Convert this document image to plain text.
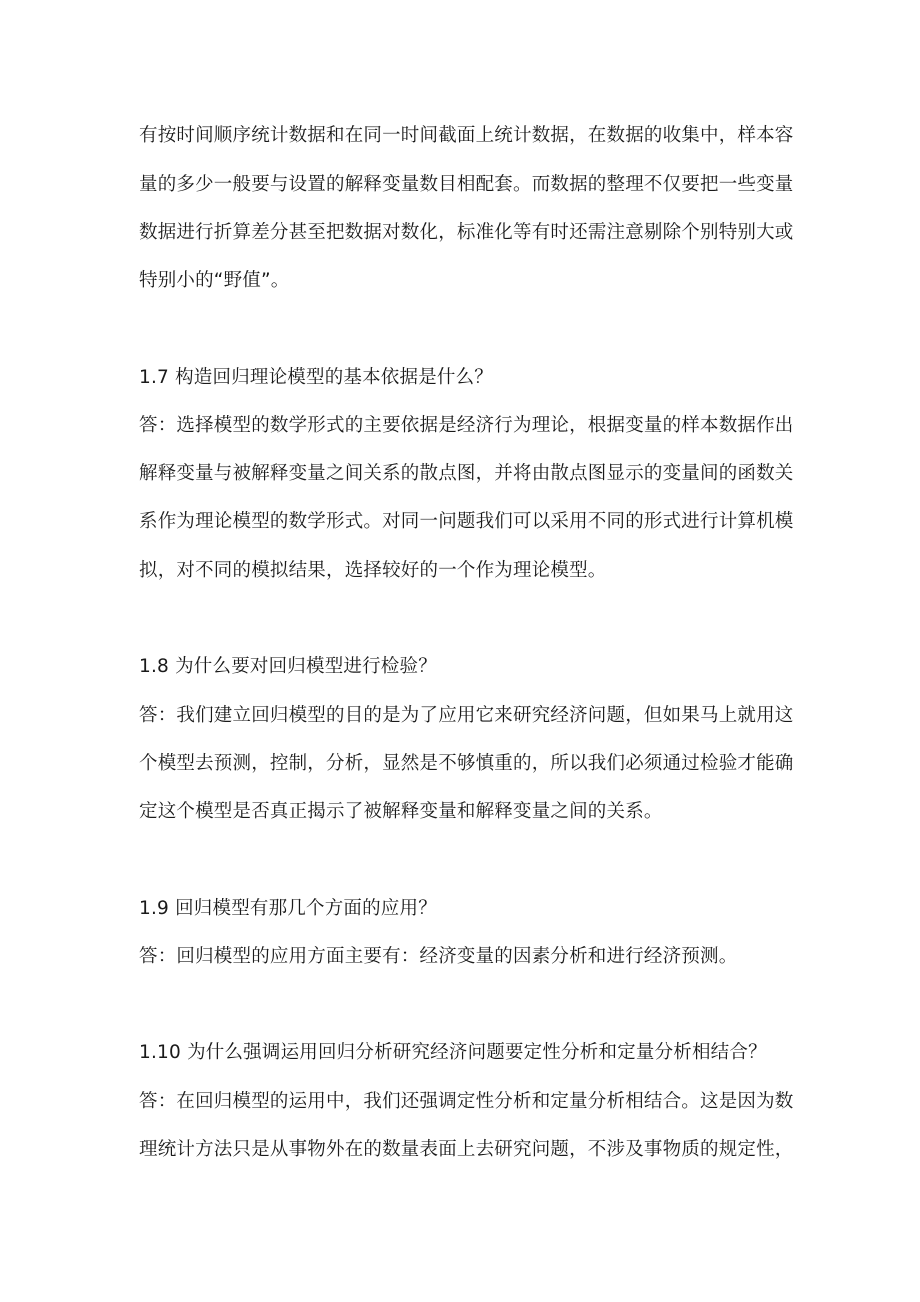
有按时间顺序统计数据和在同一时间截面上统计数据，在数据的收集中，样本容
量的多少一般要与设置的解释变量数目相配套。而数据的整理不仅要把一些变量
数据进行折算差分甚至把数据对数化，标准化等有时还需注意剔除个别特别大或
特别小的“野值”。
1.7 构造回归理论模型的基本依据是什么？
答：选择模型的数学形式的主要依据是经济行为理论，根据变量的样本数据作出
解释变量与被解释变量之间关系的散点图，并将由散点图显示的变量间的函数关
系作为理论模型的数学形式。对同一问题我们可以采用不同的形式进行计算机模
拟，对不同的模拟结果，选择较好的一个作为理论模型。
1.8 为什么要对回归模型进行检验？
答：我们建立回归模型的目的是为了应用它来研究经济问题，但如果马上就用这
个模型去预测，控制，分析，显然是不够慎重的，所以我们必须通过检验才能确
定这个模型是否真正揭示了被解释变量和解释变量之间的关系。
1.9 回归模型有那几个方面的应用？
答：回归模型的应用方面主要有：经济变量的因素分析和进行经济预测。
1.10 为什么强调运用回归分析研究经济问题要定性分析和定量分析相结合？
答：在回归模型的运用中，我们还强调定性分析和定量分析相结合。这是因为数
理统计方法只是从事物外在的数量表面上去研究问题，不涉及事物质的规定性，
